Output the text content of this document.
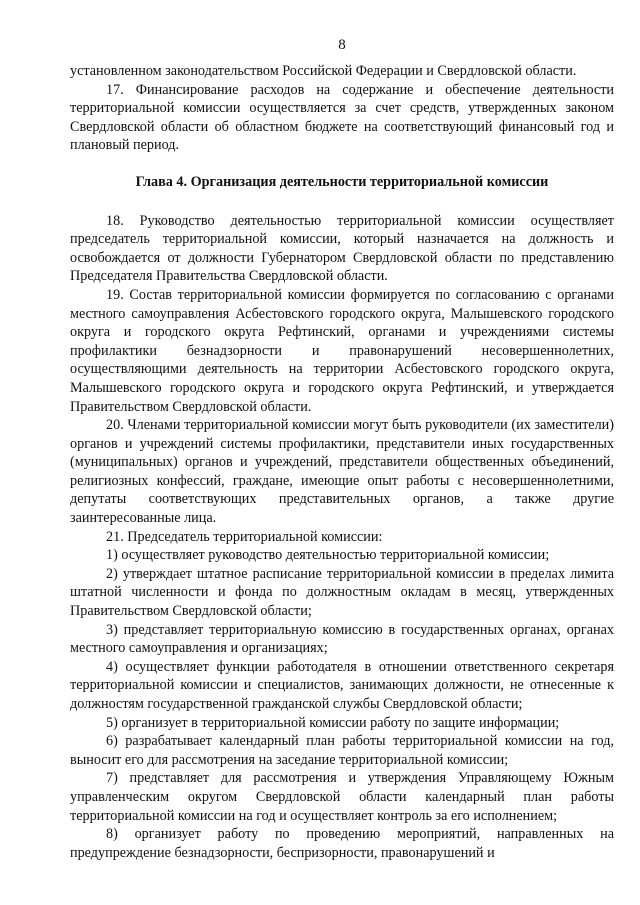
8

установленном законодательством Российской Федерации и Свердловской области.

17. Финансирование расходов на содержание и обеспечение деятельности территориальной комиссии осуществляется за счет средств, утвержденных законом Свердловской области об областном бюджете на соответствующий финансовый год и плановый период.

Глава 4. Организация деятельности территориальной комиссии

18. Руководство деятельностью территориальной комиссии осуществляет председатель территориальной комиссии, который назначается на должность и освобождается от должности Губернатором Свердловской области по представлению Председателя Правительства Свердловской области.

19. Состав территориальной комиссии формируется по согласованию с органами местного самоуправления Асбестовского городского округа, Малышевского городского округа и городского округа Рефтинский, органами и учреждениями системы профилактики безнадзорности и правонарушений несовершеннолетних, осуществляющими деятельность на территории Асбестовского городского округа, Малышевского городского округа и городского округа Рефтинский, и утверждается Правительством Свердловской области.

20. Членами территориальной комиссии могут быть руководители (их заместители) органов и учреждений системы профилактики, представители иных государственных (муниципальных) органов и учреждений, представители общественных объединений, религиозных конфессий, граждане, имеющие опыт работы с несовершеннолетними, депутаты соответствующих представительных органов, а также другие заинтересованные лица.

21. Председатель территориальной комиссии:

1) осуществляет руководство деятельностью территориальной комиссии;

2) утверждает штатное расписание территориальной комиссии в пределах лимита штатной численности и фонда по должностным окладам в месяц, утвержденных Правительством Свердловской области;

3) представляет территориальную комиссию в государственных органах, органах местного самоуправления и организациях;

4) осуществляет функции работодателя в отношении ответственного секретаря территориальной комиссии и специалистов, занимающих должности, не отнесенные к должностям государственной гражданской службы Свердловской области;

5) организует в территориальной комиссии работу по защите информации;

6) разрабатывает календарный план работы территориальной комиссии на год, выносит его для рассмотрения на заседание территориальной комиссии;

7) представляет для рассмотрения и утверждения Управляющему Южным управленческим округом Свердловской области календарный план работы территориальной комиссии на год и осуществляет контроль за его исполнением;

8) организует работу по проведению мероприятий, направленных на предупреждение безнадзорности, беспризорности, правонарушений и
